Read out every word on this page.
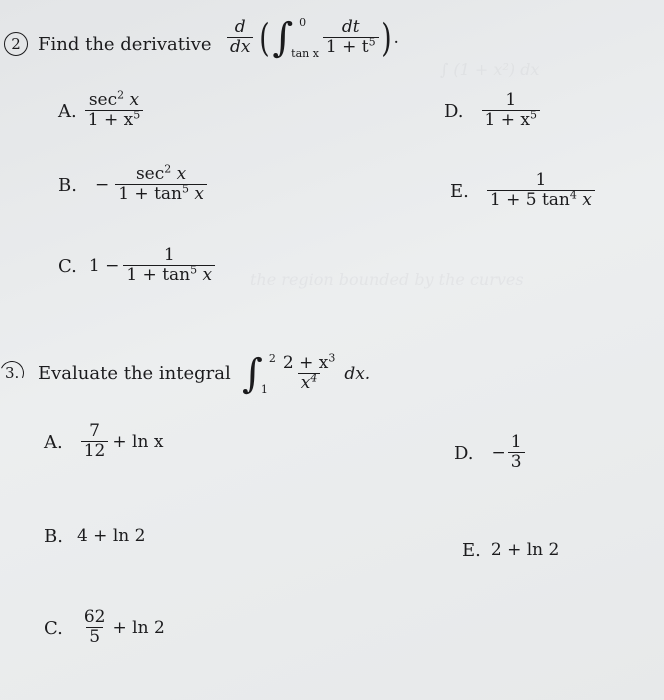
the region bounded by the curves
∫ (1 + x²) dx
2 Find the derivative $\frac{d}{dx}$ ( ∫ 0
tan x $\frac{dt}{1 + t^5}$ ) .
A. $\frac{\sec^2 x}{1 + x^5}$	D. $\frac{1}{1 + x^5}$
B. − $\frac{\sec^2 x}{1 + \tan^5 x}$	E. $\frac{1}{1 + 5 \tan^4 x}$
C. $1 - \frac{1}{1 + \tan^5 x}$
3. Evaluate the integral ∫ 2
$1 \frac{2 + x^3}{x^4}$ dx.
A. $\frac{7}{12} + \ln x$
D. − $\frac{1}{3}$
B. 4 + ln 2
E. 2 + ln 2
C. $\frac{62}{5} + \ln 2$
